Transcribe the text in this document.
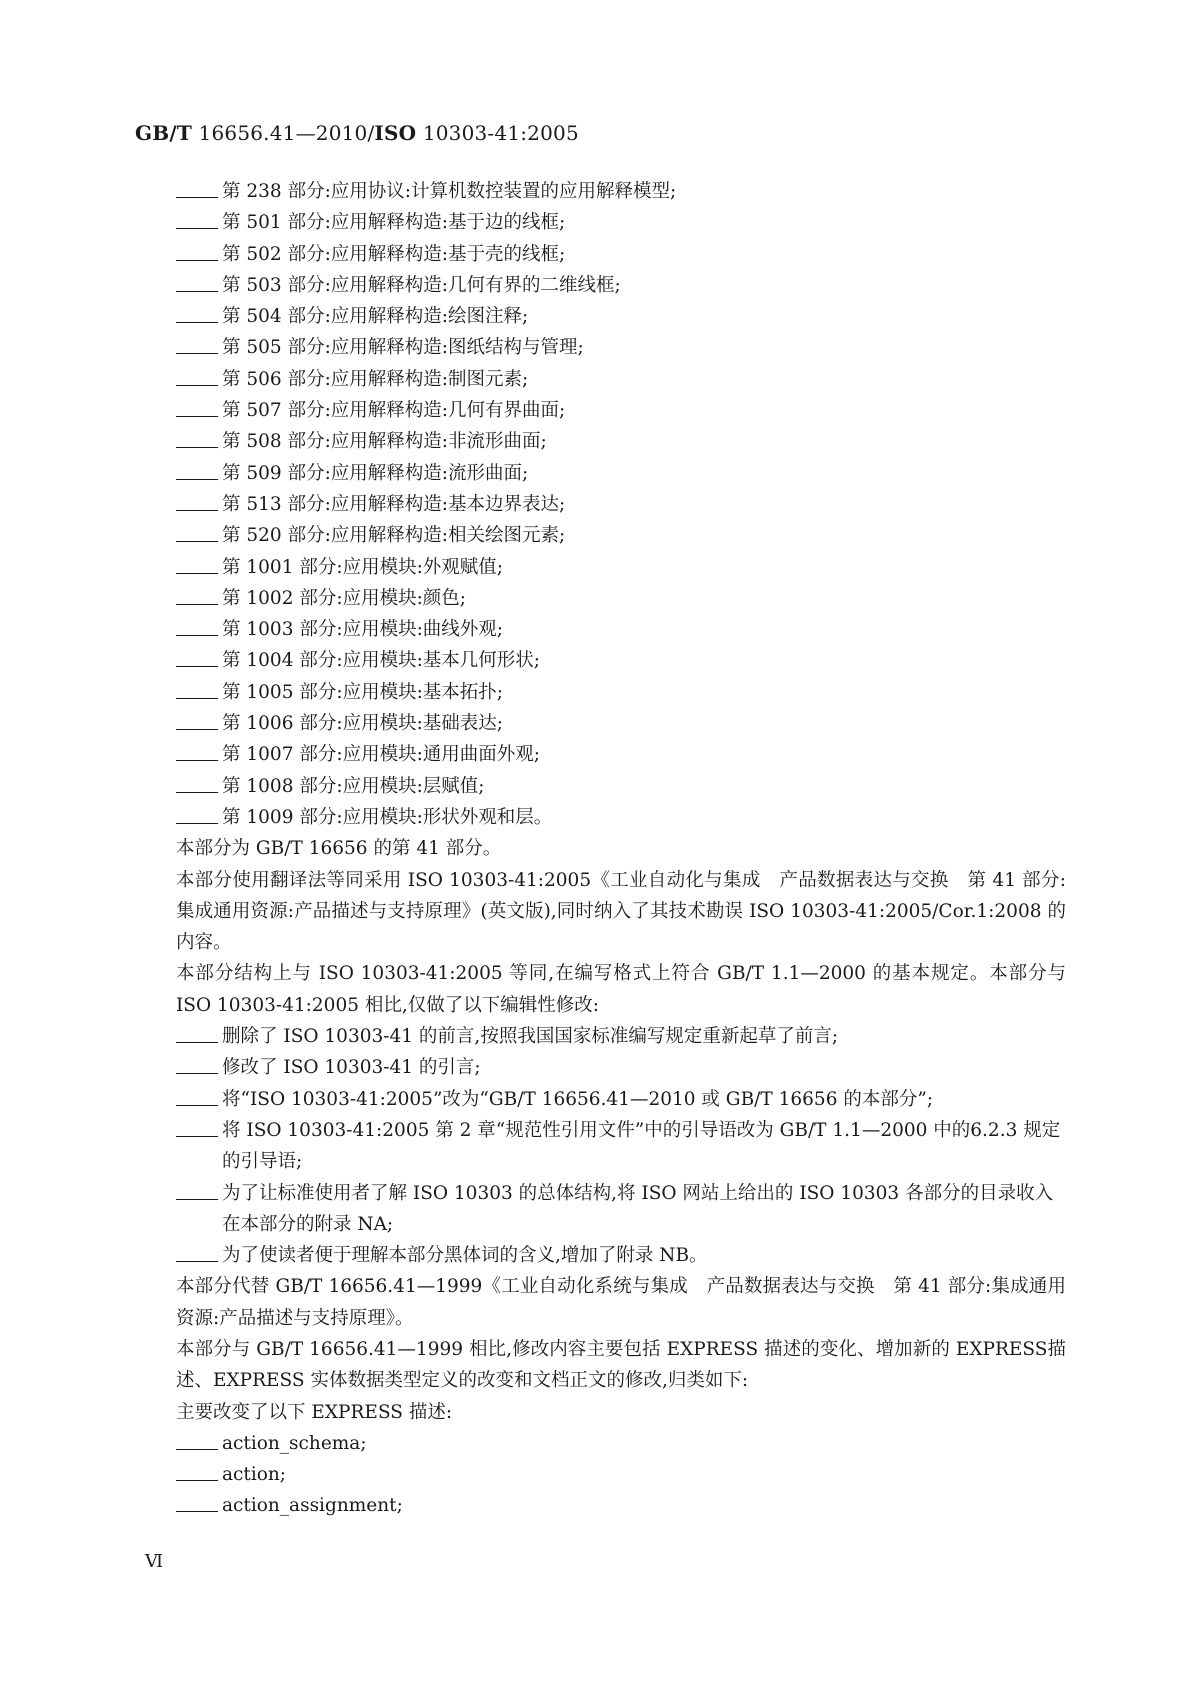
GB/T 16656.41—2010/ISO 10303-41:2005
第 238 部分:应用协议:计算机数控装置的应用解释模型;
第 501 部分:应用解释构造:基于边的线框;
第 502 部分:应用解释构造:基于壳的线框;
第 503 部分:应用解释构造:几何有界的二维线框;
第 504 部分:应用解释构造:绘图注释;
第 505 部分:应用解释构造:图纸结构与管理;
第 506 部分:应用解释构造:制图元素;
第 507 部分:应用解释构造:几何有界曲面;
第 508 部分:应用解释构造:非流形曲面;
第 509 部分:应用解释构造:流形曲面;
第 513 部分:应用解释构造:基本边界表达;
第 520 部分:应用解释构造:相关绘图元素;
第 1001 部分:应用模块:外观赋值;
第 1002 部分:应用模块:颜色;
第 1003 部分:应用模块:曲线外观;
第 1004 部分:应用模块:基本几何形状;
第 1005 部分:应用模块:基本拓扑;
第 1006 部分:应用模块:基础表达;
第 1007 部分:应用模块:通用曲面外观;
第 1008 部分:应用模块:层赋值;
第 1009 部分:应用模块:形状外观和层。
本部分为 GB/T 16656 的第 41 部分。
本部分使用翻译法等同采用 ISO 10303-41:2005《工业自动化与集成　产品数据表达与交换　第 41 部分:集成通用资源:产品描述与支持原理》(英文版),同时纳入了其技术勘误 ISO 10303-41:2005/Cor.1:2008 的内容。
本部分结构上与 ISO 10303-41:2005 等同,在编写格式上符合 GB/T 1.1—2000 的基本规定。本部分与 ISO 10303-41:2005 相比,仅做了以下编辑性修改:
删除了 ISO 10303-41 的前言,按照我国国家标准编写规定重新起草了前言;
修改了 ISO 10303-41 的引言;
将“ISO 10303-41:2005”改为“GB/T 16656.41—2010 或 GB/T 16656 的本部分”;
将 ISO 10303-41:2005 第 2 章“规范性引用文件”中的引导语改为 GB/T 1.1—2000 中的6.2.3 规定的引导语;
为了让标准使用者了解 ISO 10303 的总体结构,将 ISO 网站上给出的 ISO 10303 各部分的目录收入在本部分的附录 NA;
为了使读者便于理解本部分黑体词的含义,增加了附录 NB。
本部分代替 GB/T 16656.41—1999《工业自动化系统与集成　产品数据表达与交换　第 41 部分:集成通用资源:产品描述与支持原理》。
本部分与 GB/T 16656.41—1999 相比,修改内容主要包括 EXPRESS 描述的变化、增加新的 EXPRESS描述、EXPRESS 实体数据类型定义的改变和文档正文的修改,归类如下:
主要改变了以下 EXPRESS 描述:
action_schema;
action;
action_assignment;
Ⅵ
